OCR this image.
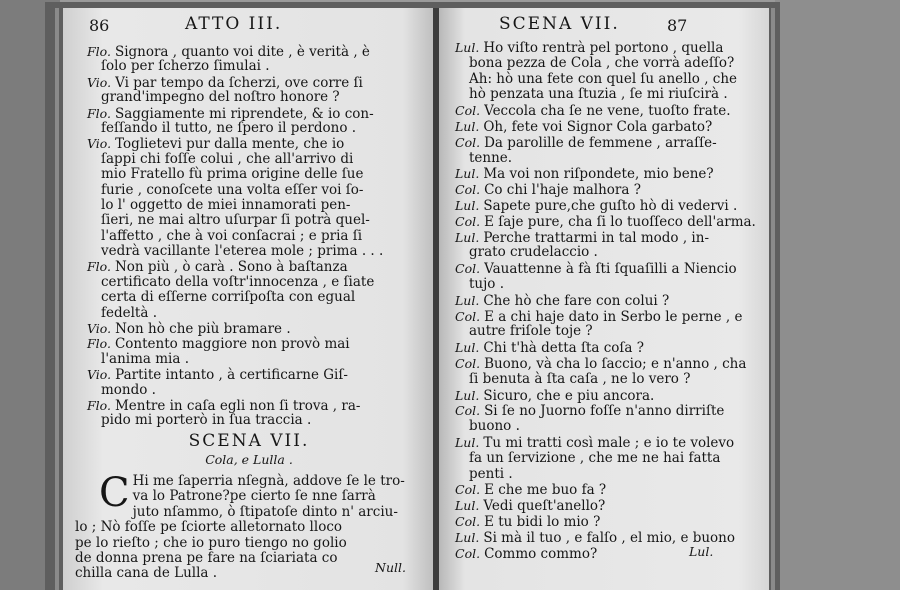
86	ATTO III.
Flo. Signora , quanto voi dite , è verità , è
ſolo per ſcherzo ſimulai .
Vio. Vi par tempo da ſcherzi, ove corre ſi
grand'impegno del noſtro honore ?
Flo. Saggiamente mi riprendete, & io con-
feſſando il tutto, ne ſpero il perdono .
Vio. Toglietevi pur dalla mente, che io
ſappi chi foſſe colui , che all'arrivo di
mio Fratello fù prima origine delle ſue
furie , conoſcete una volta eſſer voi ſo-
lo l' oggetto de miei innamorati pen-
ſieri, ne mai altro uſurpar ſi potrà quel-
l'affetto , che à voi conſacrai ; e pria ſi
vedrà vacillante l'eterea mole ; prima . . .
Flo. Non più , ò carà . Sono à baſtanza
certificato della voſtr'innocenza , e ſiate
certa di eſſerne corriſpoſta con egual
fedeltà .
Vio. Non hò che più bramare .
Flo. Contento maggiore non provò mai
l'anima mia .
Vio. Partite intanto , à certificarne Giſ-
mondo .
Flo. Mentre in caſa egli non ſi trova , ra-
pido mi porterò in ſua traccia .
SCENA VII.
Cola, e Lulla .
C Hi me ſaperria nſegnà, addove ſe le tro-
va lo Patrone?pe cierto ſe nne ſarrà
juto nſammo, ò ſtipatoſe dinto n' arciu-
lo ; Nò foſſe pe ſciorte alletornato lloco
pe lo rieſto ; che io puro tiengo no golio
de donna prena pe fare na ſciariata co
chilla cana de Lulla .	Null.
SCENA VII.	87
Lul. Ho viſto rentrà pel portono , quella
bona pezza de Cola , che vorrà adeſſo?
Ah: hò una fete con quel ſu anello , che
hò penzata una ſtuzia , ſe mi riuſcirà .
Col. Veccola cha ſe ne vene, tuoſto frate.
Lul. Oh, fete voi Signor Cola garbato?
Col. Da parolille de femmene , arraſſe-
tenne.
Lul. Ma voi non riſpondete, mio bene?
Col. Co chi l'haje malhora ?
Lul. Sapete pure,che guſto hò di vedervi .
Col. E ſaje pure, cha ſi lo tuoſſeco dell'arma.
Lul. Perche trattarmi in tal modo , in-
grato crudelaccio .
Col. Vauattenne à fà ſti ſquaſilli a Niencio
tujo .
Lul. Che hò che fare con colui ?
Col. E a chi haje dato in Serbo le perne , e
autre friſole toje ?
Lul. Chi t'hà detta ſta coſa ?
Col. Buono, và cha lo ſaccio; e n'anno , cha
ſi benuta à ſta caſa , ne lo vero ?
Lul. Sicuro, che e piu ancora.
Col. Si ſe no Juorno foſſe n'anno dirriſte
buono .
Lul. Tu mi tratti così male ; e io te volevo
fa un ſervizione , che me ne hai fatta
penti .
Col. E che me buo fa ?
Lul. Vedi queſt'anello?
Col. E tu bidi lo mio ?
Lul. Si mà il tuo , e falſo , el mio, e buono
Col. Commo commo?	Lul.
